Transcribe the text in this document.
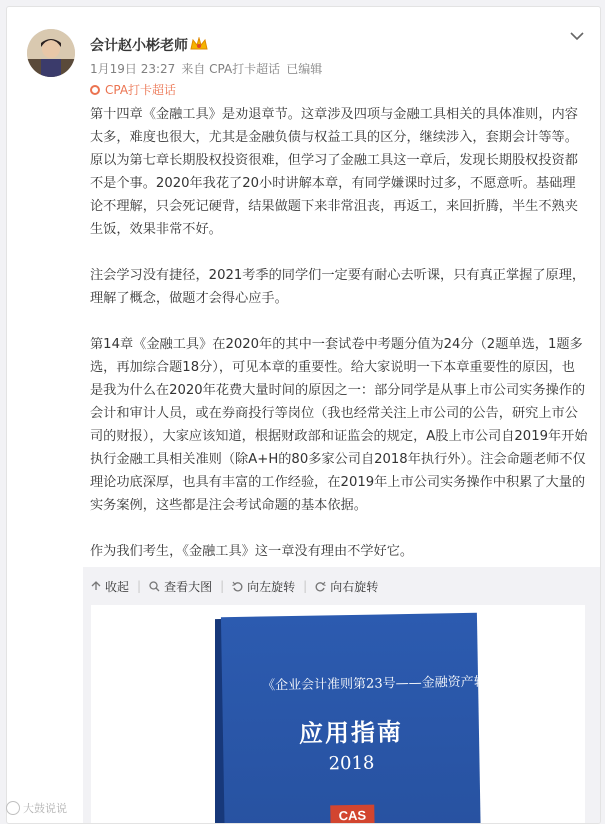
会计赵小彬老师
1月19日 23:27 来自 CPA打卡超话 已编辑
CPA打卡超话

第十四章《金融工具》是劝退章节。这章涉及四项与金融工具相关的具体准则，内容太多，难度也很大，尤其是金融负债与权益工具的区分，继续涉入，套期会计等等。原以为第七章长期股权投资很难，但学习了金融工具这一章后，发现长期股权投资都不是个事。2020年我花了20小时讲解本章，有同学嫌课时过多，不愿意听。基础理论不理解，只会死记硬背，结果做题下来非常沮丧，再返工，来回折腾，半生不熟夹生饭，效果非常不好。

注会学习没有捷径，2021考季的同学们一定要有耐心去听课，只有真正掌握了原理，理解了概念，做题才会得心应手。

第14章《金融工具》在2020年的其中一套试卷中考题分值为24分（2题单选，1题多选，再加综合题18分），可见本章的重要性。给大家说明一下本章重要性的原因，也是我为什么在2020年花费大量时间的原因之一：部分同学是从事上市公司实务操作的会计和审计人员，或在券商投行等岗位（我也经常关注上市公司的公告，研究上市公司的财报），大家应该知道，根据财政部和证监会的规定，A股上市公司自2019年开始执行金融工具相关准则（除A+H的80多家公司自2018年执行外）。注会命题老师不仅理论功底深厚，也具有丰富的工作经验，在2019年上市公司实务操作中积累了大量的实务案例，这些都是注会考试命题的基本依据。

作为我们考生，《金融工具》这一章没有理由不学好它。

收起 | 查看大图 | 向左旋转 | 向右旋转
《企业会计准则第23号——金融资产转移》
应用指南
2018
CAS
大鼓说说
